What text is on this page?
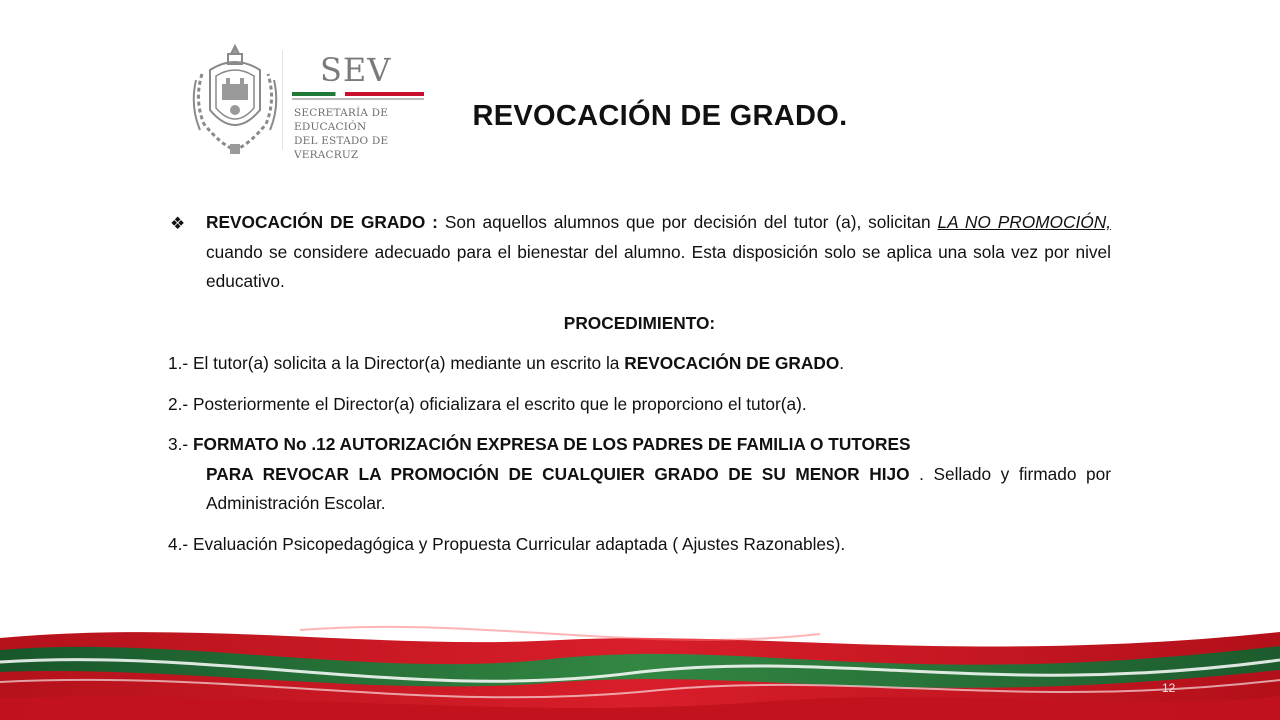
SEV
SECRETARÍA DE EDUCACIÓN
DEL ESTADO DE VERACRUZ
REVOCACIÓN DE GRADO.
❖ REVOCACIÓN DE GRADO : Son aquellos alumnos que por decisión del tutor (a), solicitan LA NO PROMOCIÓN, cuando se considere adecuado para el bienestar del alumno. Esta disposición solo se aplica una sola vez por nivel educativo.
PROCEDIMIENTO:
1.- El tutor(a) solicita a la Director(a) mediante un escrito la REVOCACIÓN DE GRADO.
2.- Posteriormente el Director(a) oficializara el escrito que le proporciono el tutor(a).
3.- FORMATO No .12 AUTORIZACIÓN EXPRESA DE LOS PADRES DE FAMILIA O TUTORES
PARA REVOCAR LA PROMOCIÓN DE CUALQUIER GRADO DE SU MENOR HIJO . Sellado y firmado por Administración Escolar.
4.- Evaluación Psicopedagógica y Propuesta Curricular adaptada ( Ajustes Razonables).
12
